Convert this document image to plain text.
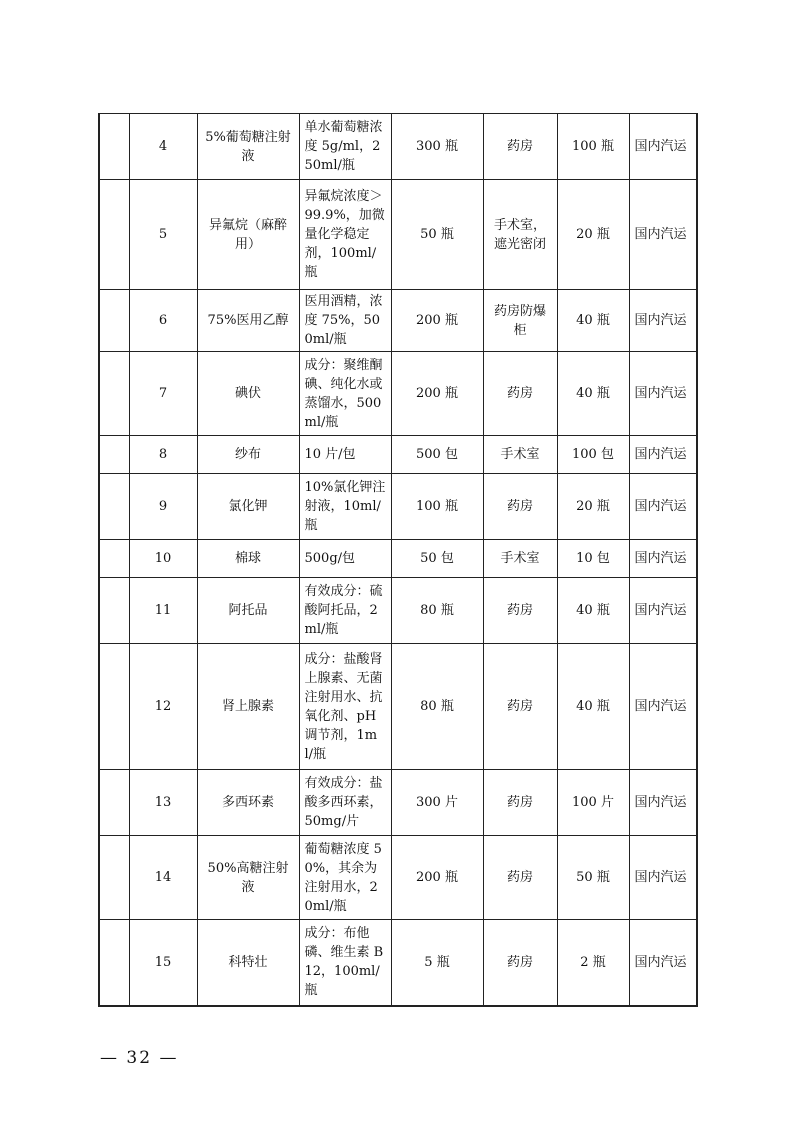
	4	5%葡萄糖注射液	单水葡萄糖浓度 5g/ml，250ml/瓶	300 瓶	药房	100 瓶	国内汽运
	5	异氟烷（麻醉用）	异氟烷浓度＞99.9%，加微量化学稳定剂，100ml/瓶	50 瓶	手术室，遮光密闭	20 瓶	国内汽运
	6	75%医用乙醇	医用酒精，浓度 75%，500ml/瓶	200 瓶	药房防爆柜	40 瓶	国内汽运
	7	碘伏	成分：聚维酮碘、纯化水或蒸馏水，500ml/瓶	200 瓶	药房	40 瓶	国内汽运
	8	纱布	10 片/包	500 包	手术室	100 包	国内汽运
	9	氯化钾	10%氯化钾注射液，10ml/瓶	100 瓶	药房	20 瓶	国内汽运
	10	棉球	500g/包	50 包	手术室	10 包	国内汽运
	11	阿托品	有效成分：硫酸阿托品，2ml/瓶	80 瓶	药房	40 瓶	国内汽运
	12	肾上腺素	成分：盐酸肾上腺素、无菌注射用水、抗氧化剂、pH 调节剂，1ml/瓶	80 瓶	药房	40 瓶	国内汽运
	13	多西环素	有效成分：盐酸多西环素，50mg/片	300 片	药房	100 片	国内汽运
	14	50%高糖注射液	葡萄糖浓度 50%，其余为注射用水，20ml/瓶	200 瓶	药房	50 瓶	国内汽运
	15	科特壮	成分：布他磷、维生素 B12，100ml/瓶	5 瓶	药房	2 瓶	国内汽运
— 32 —
